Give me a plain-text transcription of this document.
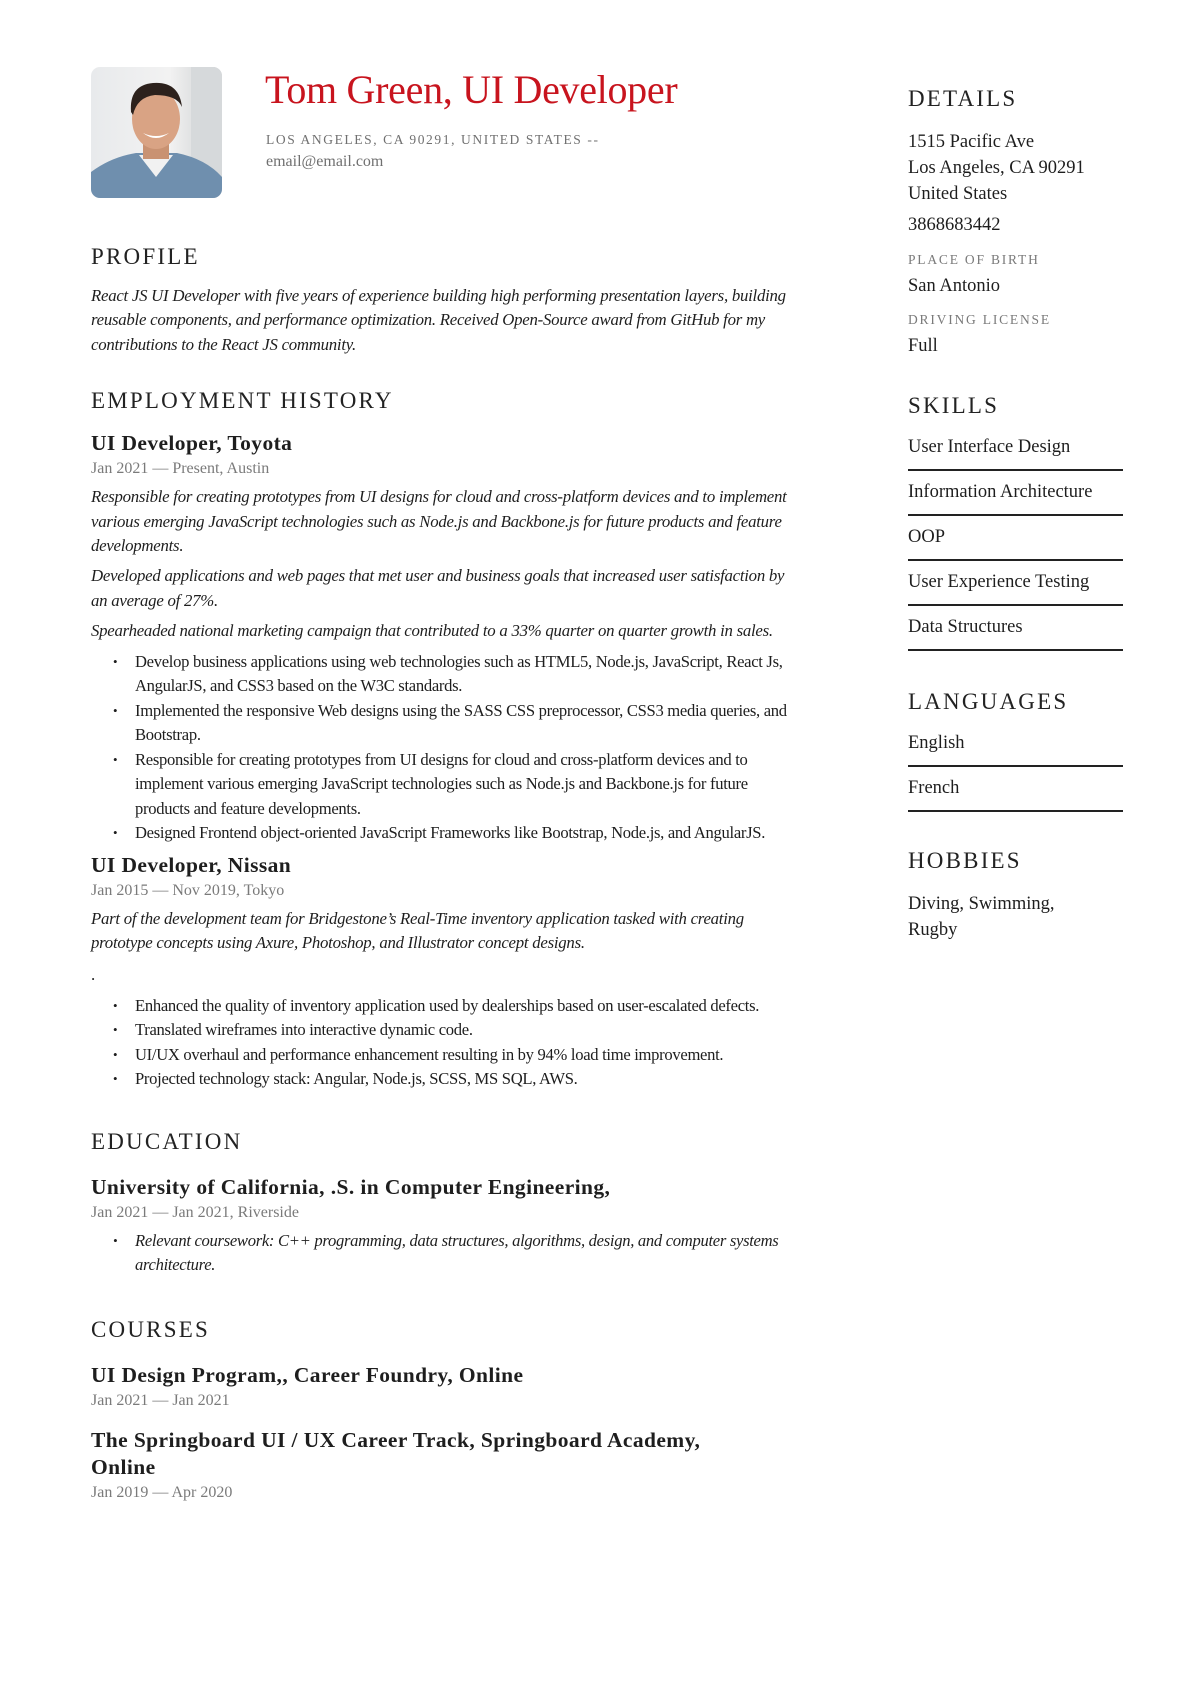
Tom Green, UI Developer
LOS ANGELES, CA 90291, UNITED STATES --
email@email.com
PROFILE
React JS UI Developer with five years of experience building high performing presentation layers, building reusable components, and performance optimization. Received Open-Source award from GitHub for my contributions to the React JS community.
EMPLOYMENT HISTORY
UI Developer, Toyota
Jan 2021 — Present, Austin
Responsible for creating prototypes from UI designs for cloud and cross-platform devices and to implement various emerging JavaScript technologies such as Node.js and Backbone.js for future products and feature developments.
Developed applications and web pages that met user and business goals that increased user satisfaction by an average of 27%.
Spearheaded national marketing campaign that contributed to a 33% quarter on quarter growth in sales.
• Develop business applications using web technologies such as HTML5, Node.js, JavaScript, React Js, AngularJS, and CSS3 based on the W3C standards.
• Implemented the responsive Web designs using the SASS CSS preprocessor, CSS3 media queries, and Bootstrap.
• Responsible for creating prototypes from UI designs for cloud and cross-platform devices and to implement various emerging JavaScript technologies such as Node.js and Backbone.js for future products and feature developments.
• Designed Frontend object-oriented JavaScript Frameworks like Bootstrap, Node.js, and AngularJS.
UI Developer, Nissan
Jan 2015 — Nov 2019, Tokyo
Part of the development team for Bridgestone’s Real-Time inventory application tasked with creating prototype concepts using Axure, Photoshop, and Illustrator concept designs.
.
• Enhanced the quality of inventory application used by dealerships based on user-escalated defects.
• Translated wireframes into interactive dynamic code.
• UI/UX overhaul and performance enhancement resulting in by 94% load time improvement.
• Projected technology stack: Angular, Node.js, SCSS, MS SQL, AWS.
EDUCATION
University of California, .S. in Computer Engineering,
Jan 2021 — Jan 2021, Riverside
• Relevant coursework: C++ programming, data structures, algorithms, design, and computer systems architecture.
COURSES
UI Design Program,, Career Foundry, Online
Jan 2021 — Jan 2021
The Springboard UI / UX Career Track, Springboard Academy, Online
Jan 2019 — Apr 2020
DETAILS
1515 Pacific Ave
Los Angeles, CA 90291
United States
3868683442
PLACE OF BIRTH
San Antonio
DRIVING LICENSE
Full
SKILLS
User Interface Design
Information Architecture
OOP
User Experience Testing
Data Structures
LANGUAGES
English
French
HOBBIES
Diving, Swimming, Rugby
